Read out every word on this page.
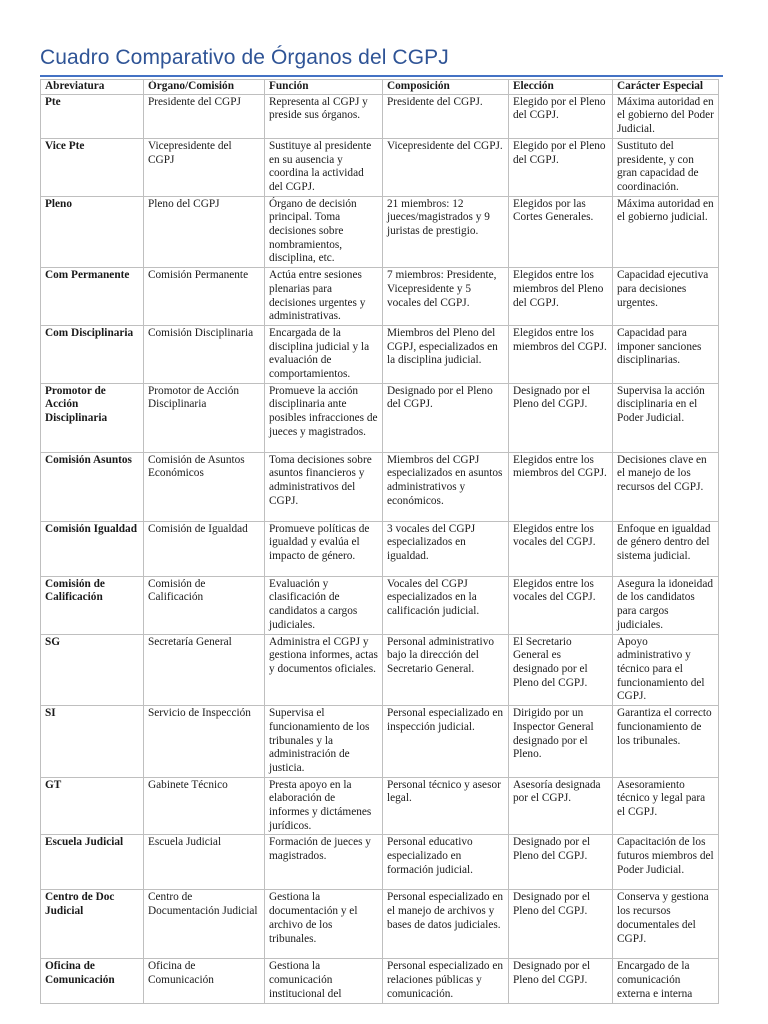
Cuadro Comparativo de Órganos del CGPJ
Abreviatura	Órgano/Comisión	Función	Composición	Elección	Carácter Especial
Pte	Presidente del CGPJ	Representa al CGPJ y preside sus órganos.	Presidente del CGPJ.	Elegido por el Pleno del CGPJ.	Máxima autoridad en el gobierno del Poder Judicial.
Vice Pte	Vicepresidente del CGPJ	Sustituye al presidente en su ausencia y coordina la actividad del CGPJ.	Vicepresidente del CGPJ.	Elegido por el Pleno del CGPJ.	Sustituto del presidente, y con gran capacidad de coordinación.
Pleno	Pleno del CGPJ	Órgano de decisión principal. Toma decisiones sobre nombramientos, disciplina, etc.	21 miembros: 12 jueces/magistrados y 9 juristas de prestigio.	Elegidos por las Cortes Generales.	Máxima autoridad en el gobierno judicial.
Com Permanente	Comisión Permanente	Actúa entre sesiones plenarias para decisiones urgentes y administrativas.	7 miembros: Presidente, Vicepresidente y 5 vocales del CGPJ.	Elegidos entre los miembros del Pleno del CGPJ.	Capacidad ejecutiva para decisiones urgentes.
Com Disciplinaria	Comisión Disciplinaria	Encargada de la disciplina judicial y la evaluación de comportamientos.	Miembros del Pleno del CGPJ, especializados en la disciplina judicial.	Elegidos entre los miembros del CGPJ.	Capacidad para imponer sanciones disciplinarias.
Promotor de Acción Disciplinaria	Promotor de Acción Disciplinaria	Promueve la acción disciplinaria ante posibles infracciones de jueces y magistrados.	Designado por el Pleno del CGPJ.	Designado por el Pleno del CGPJ.	Supervisa la acción disciplinaria en el Poder Judicial.
Comisión Asuntos	Comisión de Asuntos Económicos	Toma decisiones sobre asuntos financieros y administrativos del CGPJ.	Miembros del CGPJ especializados en asuntos administrativos y económicos.	Elegidos entre los miembros del CGPJ.	Decisiones clave en el manejo de los recursos del CGPJ.
Comisión Igualdad	Comisión de Igualdad	Promueve políticas de igualdad y evalúa el impacto de género.	3 vocales del CGPJ especializados en igualdad.	Elegidos entre los vocales del CGPJ.	Enfoque en igualdad de género dentro del sistema judicial.
Comisión de Calificación	Comisión de Calificación	Evaluación y clasificación de candidatos a cargos judiciales.	Vocales del CGPJ especializados en la calificación judicial.	Elegidos entre los vocales del CGPJ.	Asegura la idoneidad de los candidatos para cargos judiciales.
SG	Secretaría General	Administra el CGPJ y gestiona informes, actas y documentos oficiales.	Personal administrativo bajo la dirección del Secretario General.	El Secretario General es designado por el Pleno del CGPJ.	Apoyo administrativo y técnico para el funcionamiento del CGPJ.
SI	Servicio de Inspección	Supervisa el funcionamiento de los tribunales y la administración de justicia.	Personal especializado en inspección judicial.	Dirigido por un Inspector General designado por el Pleno.	Garantiza el correcto funcionamiento de los tribunales.
GT	Gabinete Técnico	Presta apoyo en la elaboración de informes y dictámenes jurídicos.	Personal técnico y asesor legal.	Asesoría designada por el CGPJ.	Asesoramiento técnico y legal para el CGPJ.
Escuela Judicial	Escuela Judicial	Formación de jueces y magistrados.	Personal educativo especializado en formación judicial.	Designado por el Pleno del CGPJ.	Capacitación de los futuros miembros del Poder Judicial.
Centro de Doc Judicial	Centro de Documentación Judicial	Gestiona la documentación y el archivo de los tribunales.	Personal especializado en el manejo de archivos y bases de datos judiciales.	Designado por el Pleno del CGPJ.	Conserva y gestiona los recursos documentales del CGPJ.
Oficina de Comunicación	Oficina de Comunicación	Gestiona la comunicación institucional del	Personal especializado en relaciones públicas y comunicación.	Designado por el Pleno del CGPJ.	Encargado de la comunicación externa e interna
